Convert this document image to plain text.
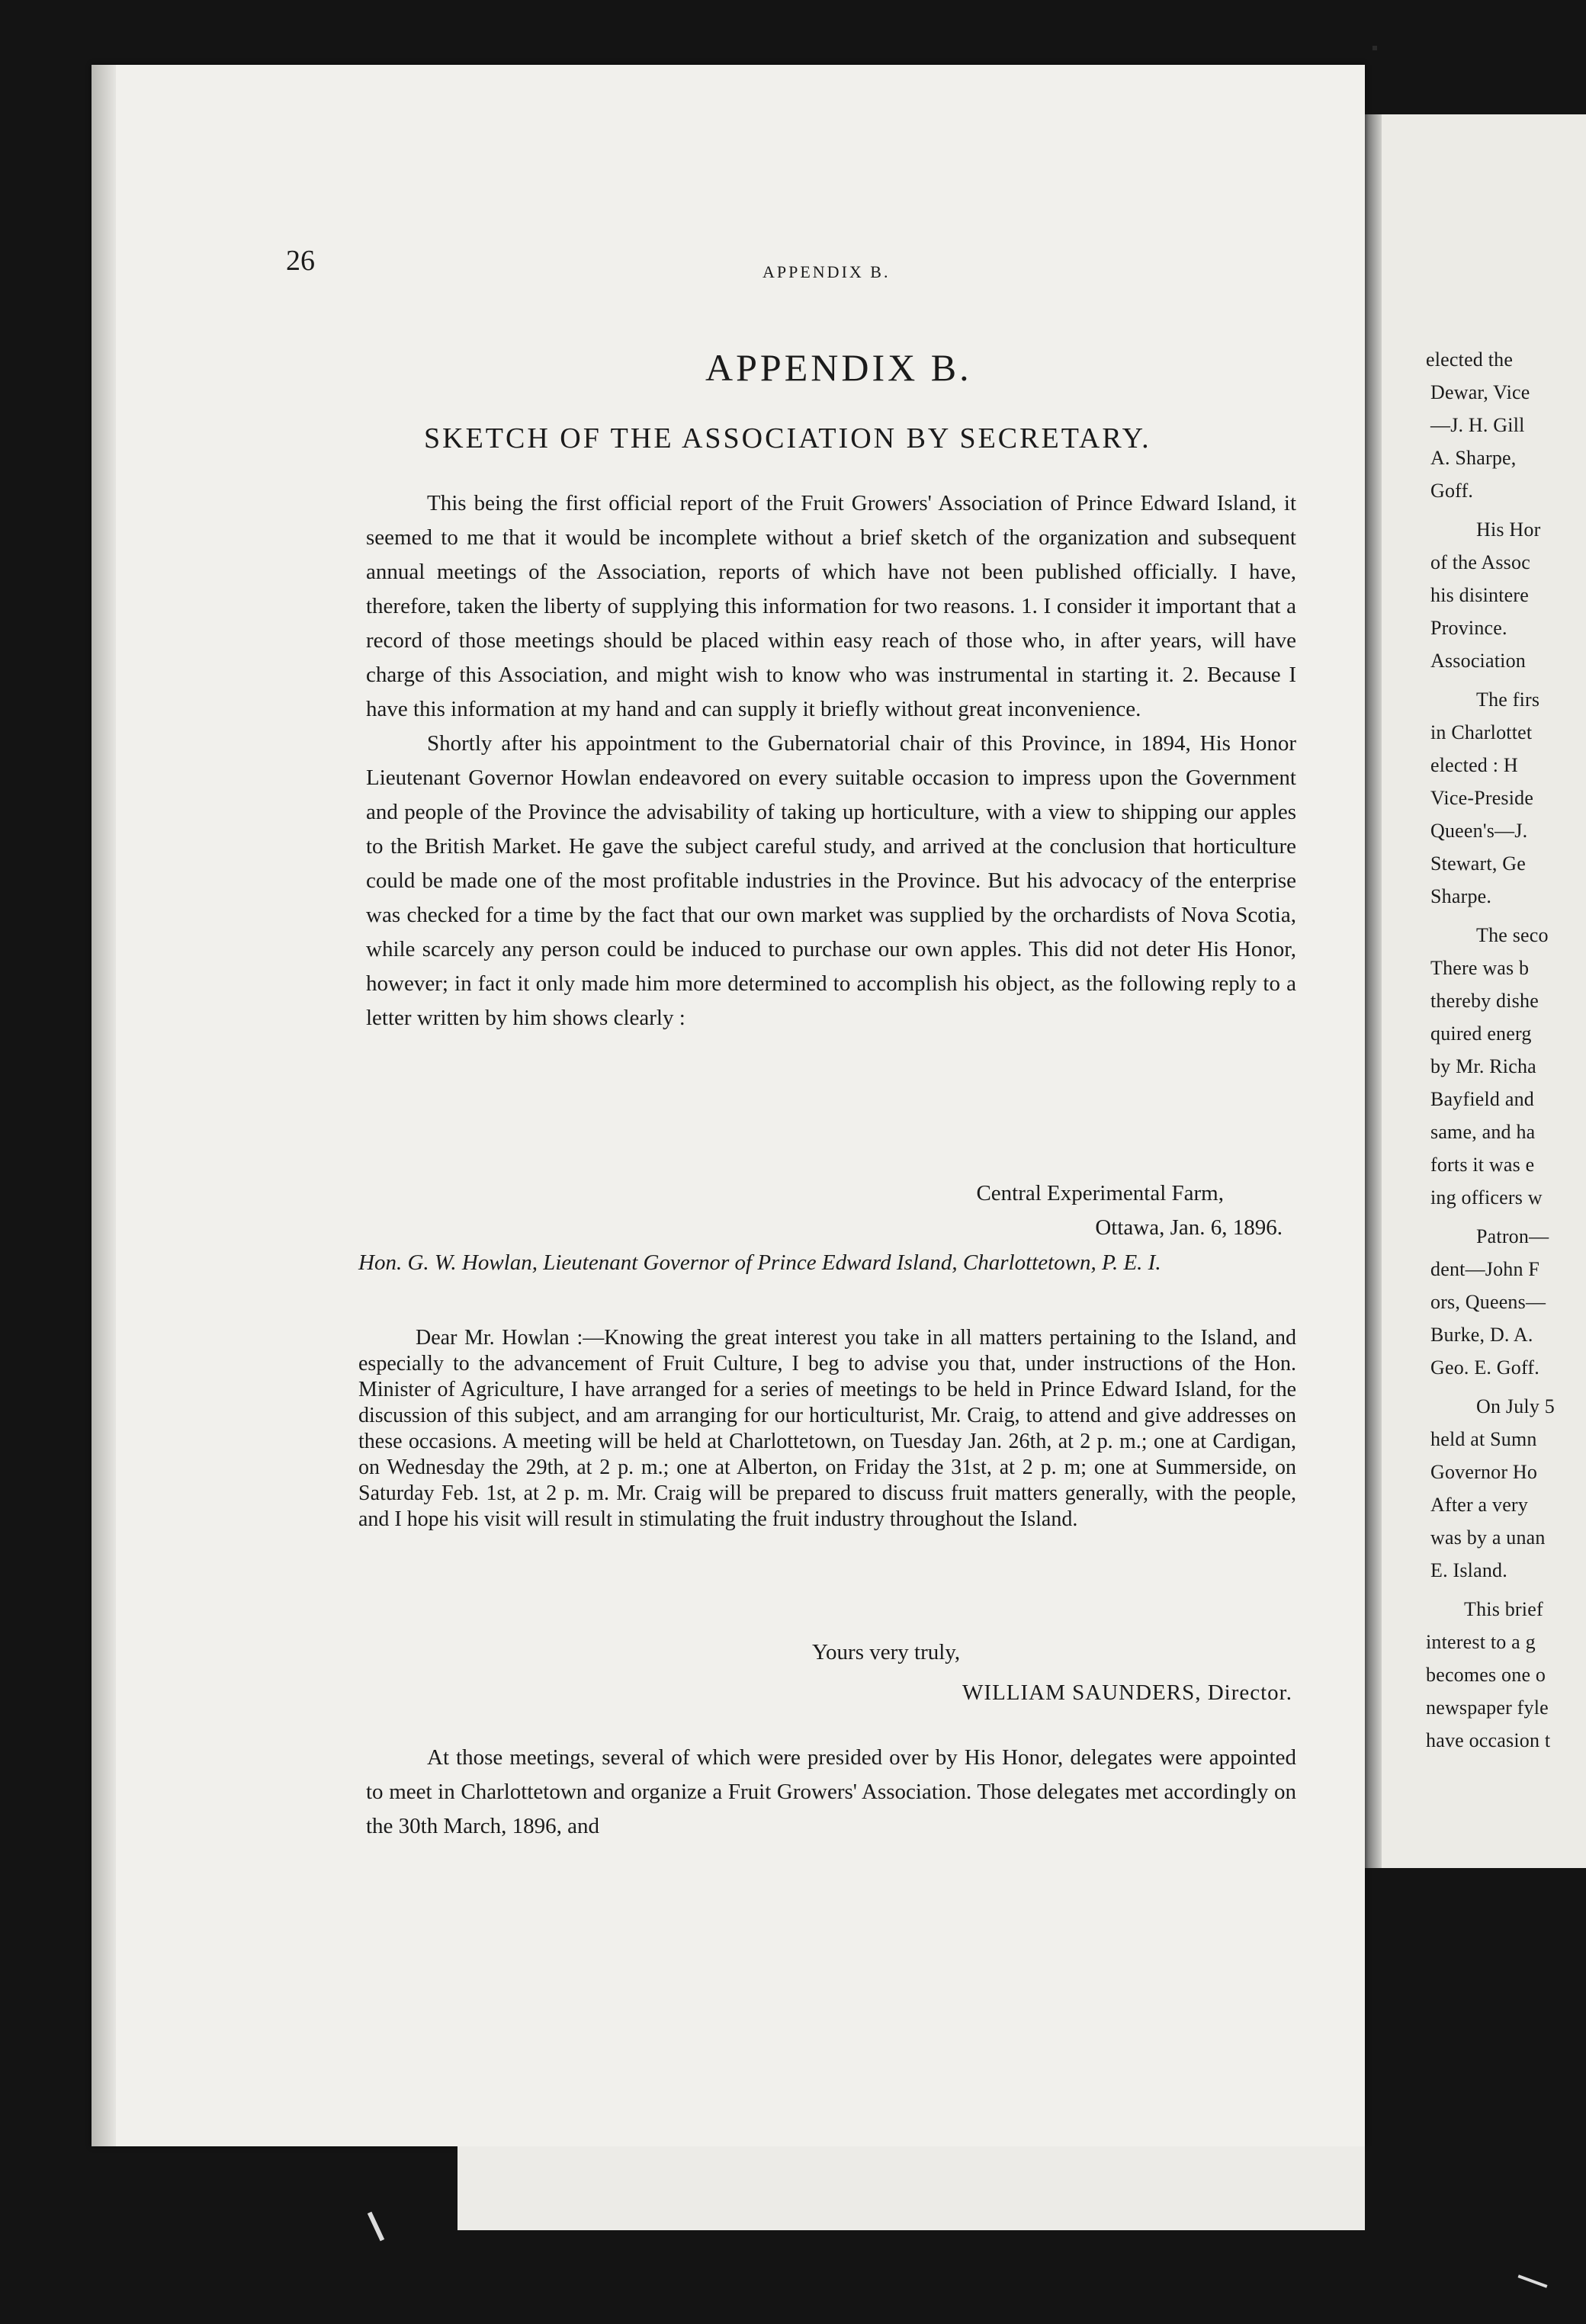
elected the
Dewar, Vice
—J. H. Gill
A. Sharpe,
Goff.

His Hor
of the Assoc
his disintere
Province.
Association

The firs
in Charlottet
elected : H
Vice-Preside
Queen's—J.
Stewart, Ge
Sharpe.

The seco
There was b
thereby dishe
quired energ
by Mr. Richa
Bayfield and
same, and ha
forts it was e
ing officers w

Patron—
dent—John F
ors, Queens—
Burke, D. A.
Geo. E. Goff.

On July 5
held at Sumn
Governor Ho
After a very
was by a unan
E. Island.

This brief
interest to a g
becomes one o
newspaper fyle
have occasion t

26	APPENDIX B.
APPENDIX B.
SKETCH OF THE ASSOCIATION BY SECRETARY.

This being the first official report of the Fruit Growers' Association of Prince Edward Island, it seemed to me that it would be incomplete without a brief sketch of the organization and subsequent annual meetings of the Association, reports of which have not been published officially. I have, therefore, taken the liberty of supplying this information for two reasons. 1. I consider it important that a record of those meetings should be placed within easy reach of those who, in after years, will have charge of this Association, and might wish to know who was instrumental in starting it. 2. Because I have this information at my hand and can supply it briefly without great inconvenience.

Shortly after his appointment to the Gubernatorial chair of this Province, in 1894, His Honor Lieutenant Governor Howlan endeavored on every suitable occasion to impress upon the Government and people of the Province the advisability of taking up horticulture, with a view to shipping our apples to the British Market. He gave the subject careful study, and arrived at the conclusion that horticulture could be made one of the most profitable industries in the Province. But his advocacy of the enterprise was checked for a time by the fact that our own market was supplied by the orchardists of Nova Scotia, while scarcely any person could be induced to purchase our own apples. This did not deter His Honor, however; in fact it only made him more determined to accomplish his object, as the following reply to a letter written by him shows clearly :

Central Experimental Farm,
Ottawa, Jan. 6, 1896.

Hon. G. W. Howlan, Lieutenant Governor of Prince Edward Island, Charlottetown, P. E. I.

Dear Mr. Howlan :—Knowing the great interest you take in all matters pertaining to the Island, and especially to the advancement of Fruit Culture, I beg to advise you that, under instructions of the Hon. Minister of Agriculture, I have arranged for a series of meetings to be held in Prince Edward Island, for the discussion of this subject, and am arranging for our horticulturist, Mr. Craig, to attend and give addresses on these occasions. A meeting will be held at Charlottetown, on Tuesday Jan. 26th, at 2 p. m.; one at Cardigan, on Wednesday the 29th, at 2 p. m.; one at Alberton, on Friday the 31st, at 2 p. m; one at Summerside, on Saturday Feb. 1st, at 2 p. m. Mr. Craig will be prepared to discuss fruit matters generally, with the people, and I hope his visit will result in stimulating the fruit industry throughout the Island.

Yours very truly,
WILLIAM SAUNDERS, Director.

At those meetings, several of which were presided over by His Honor, delegates were appointed to meet in Charlottetown and organize a Fruit Growers' Association. Those delegates met accordingly on the 30th March, 1896, and
